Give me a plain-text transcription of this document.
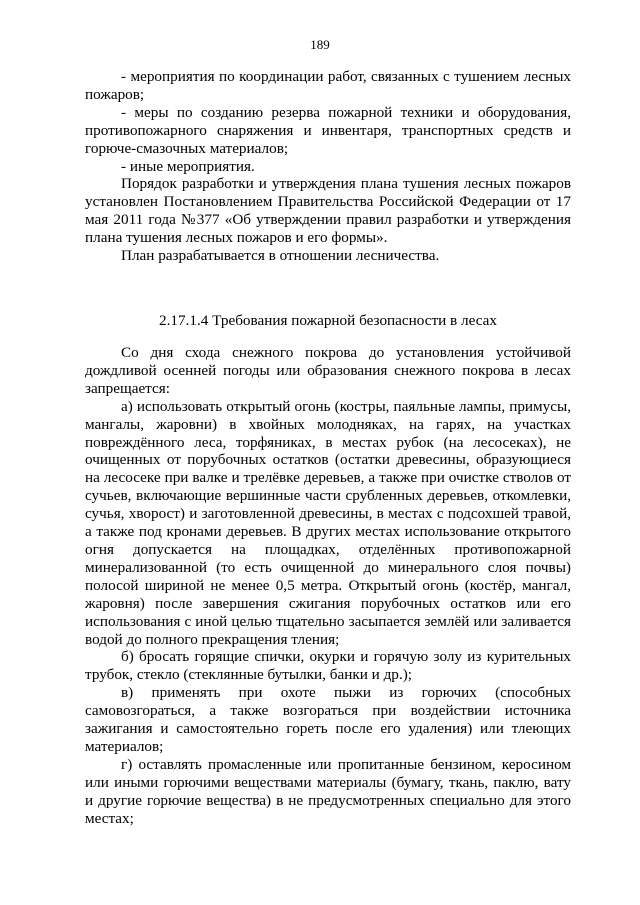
189

- мероприятия по координации работ, связанных с тушением лесных пожаров;

- меры по созданию резерва пожарной техники и оборудования, противопожарного снаряжения и инвентаря, транспортных средств и горюче-смазочных материалов;

- иные мероприятия.

Порядок разработки и утверждения плана тушения лесных пожаров установлен Постановлением Правительства Российской Федерации от 17 мая 2011 года №377 «Об утверждении правил разработки и утверждения плана тушения лесных пожаров и его формы».

План разрабатывается в отношении лесничества.

2.17.1.4 Требования пожарной безопасности в лесах

Со дня схода снежного покрова до установления устойчивой дождливой осенней погоды или образования снежного покрова в лесах запрещается:

а) использовать открытый огонь (костры, паяльные лампы, примусы, мангалы, жаровни) в хвойных молодняках, на гарях, на участках повреждённого леса, торфяниках, в местах рубок (на лесосеках), не очищенных от порубочных остатков (остатки древесины, образующиеся на лесосеке при валке и трелёвке деревьев, а также при очистке стволов от сучьев, включающие вершинные части срубленных деревьев, откомлевки, сучья, хворост) и заготовленной древесины, в местах с подсохшей травой, а также под кронами деревьев. В других местах использование открытого огня допускается на площадках, отделённых противопожарной минерализованной (то есть очищенной до минерального слоя почвы) полосой шириной не менее 0,5 метра. Открытый огонь (костёр, мангал, жаровня) после завершения сжигания порубочных остатков или его использования с иной целью тщательно засыпается землёй или заливается водой до полного прекращения тления;

б) бросать горящие спички, окурки и горячую золу из курительных трубок, стекло (стеклянные бутылки, банки и др.);

в) применять при охоте пыжи из горючих (способных самовозгораться, а также возгораться при воздействии источника зажигания и самостоятельно гореть после его удаления) или тлеющих материалов;

г) оставлять промасленные или пропитанные бензином, керосином или иными горючими веществами материалы (бумагу, ткань, паклю, вату и другие горючие вещества) в не предусмотренных специально для этого местах;
